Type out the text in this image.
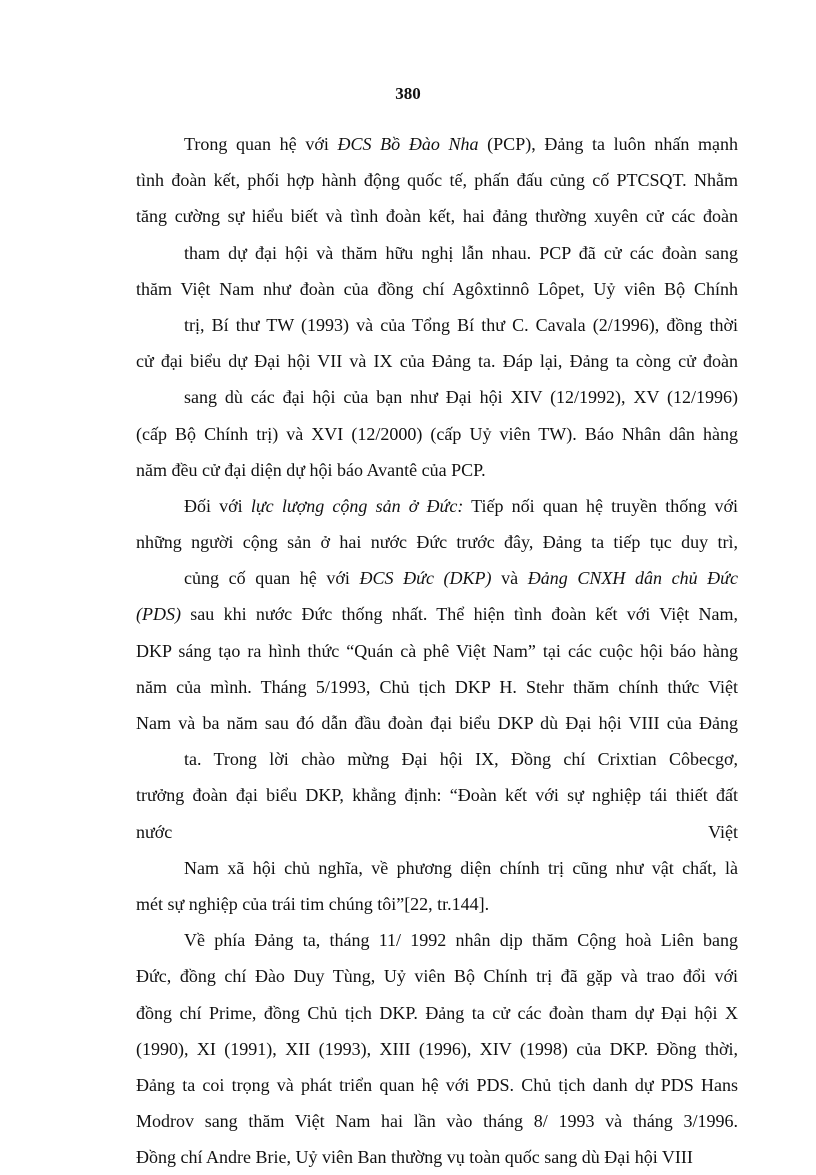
380
Trong quan hệ với ĐCS Bồ Đào Nha (PCP), Đảng ta luôn nhấn mạnh
tình đoàn kết, phối hợp hành động quốc tế, phấn đấu củng cố PTCSQT. Nhằm
tăng cường sự hiểu biết và tình đoàn kết, hai đảng thường xuyên cử các đoàn
tham dự đại hội và thăm hữu nghị lẫn nhau. PCP đã cử các đoàn sang
thăm Việt Nam như đoàn của đồng chí Agôxtinnô Lôpet, Uỷ viên Bộ Chính
trị, Bí thư TW (1993) và của Tổng Bí thư C. Cavala (2/1996), đồng thời
cử đại biểu dự Đại hội VII và IX của Đảng ta. Đáp lại, Đảng ta còng cử đoàn
sang dù các đại hội của bạn như Đại hội XIV (12/1992), XV (12/1996)
(cấp Bộ Chính trị) và XVI (12/2000) (cấp Uỷ viên TW). Báo Nhân dân hàng
năm đều cử đại diện dự hội báo Avantê của PCP.
Đối với lực lượng cộng sản ở Đức: Tiếp nối quan hệ truyền thống với
những người cộng sản ở hai nước Đức trước đây, Đảng ta tiếp tục duy trì,
củng cố quan hệ với ĐCS Đức (DKP) và Đảng CNXH dân chủ Đức
(PDS) sau khi nước Đức thống nhất. Thể hiện tình đoàn kết với Việt Nam,
DKP sáng tạo ra hình thức “Quán cà phê Việt Nam” tại các cuộc hội báo hàng
năm của mình. Tháng 5/1993, Chủ tịch DKP H. Stehr thăm chính thức Việt
Nam và ba năm sau đó dẫn đầu đoàn đại biểu DKP dù Đại hội VIII của Đảng
ta. Trong lời chào mừng Đại hội IX, Đồng chí Crixtian Côbecgơ,
trưởng đoàn đại biểu DKP, khẳng định: “Đoàn kết với sự nghiệp tái thiết đất
nước	Việt
Nam xã hội chủ nghĩa, về phương diện chính trị cũng như vật chất, là
mét sự nghiệp của trái tim chúng tôi”[22, tr.144].
Về phía Đảng ta, tháng 11/ 1992 nhân dịp thăm Cộng hoà Liên bang
Đức, đồng chí Đào Duy Tùng, Uỷ viên Bộ Chính trị đã gặp và trao đổi với
đồng chí Prime, đồng Chủ tịch DKP. Đảng ta cử các đoàn tham dự Đại hội X
(1990), XI (1991), XII (1993), XIII (1996), XIV (1998) của DKP. Đồng thời,
Đảng ta coi trọng và phát triển quan hệ với PDS. Chủ tịch danh dự PDS Hans
Modrov sang thăm Việt Nam hai lần vào tháng 8/ 1993 và tháng 3/1996.
Đồng chí Andre Brie, Uỷ viên Ban thường vụ toàn quốc sang dù Đại hội VIII
